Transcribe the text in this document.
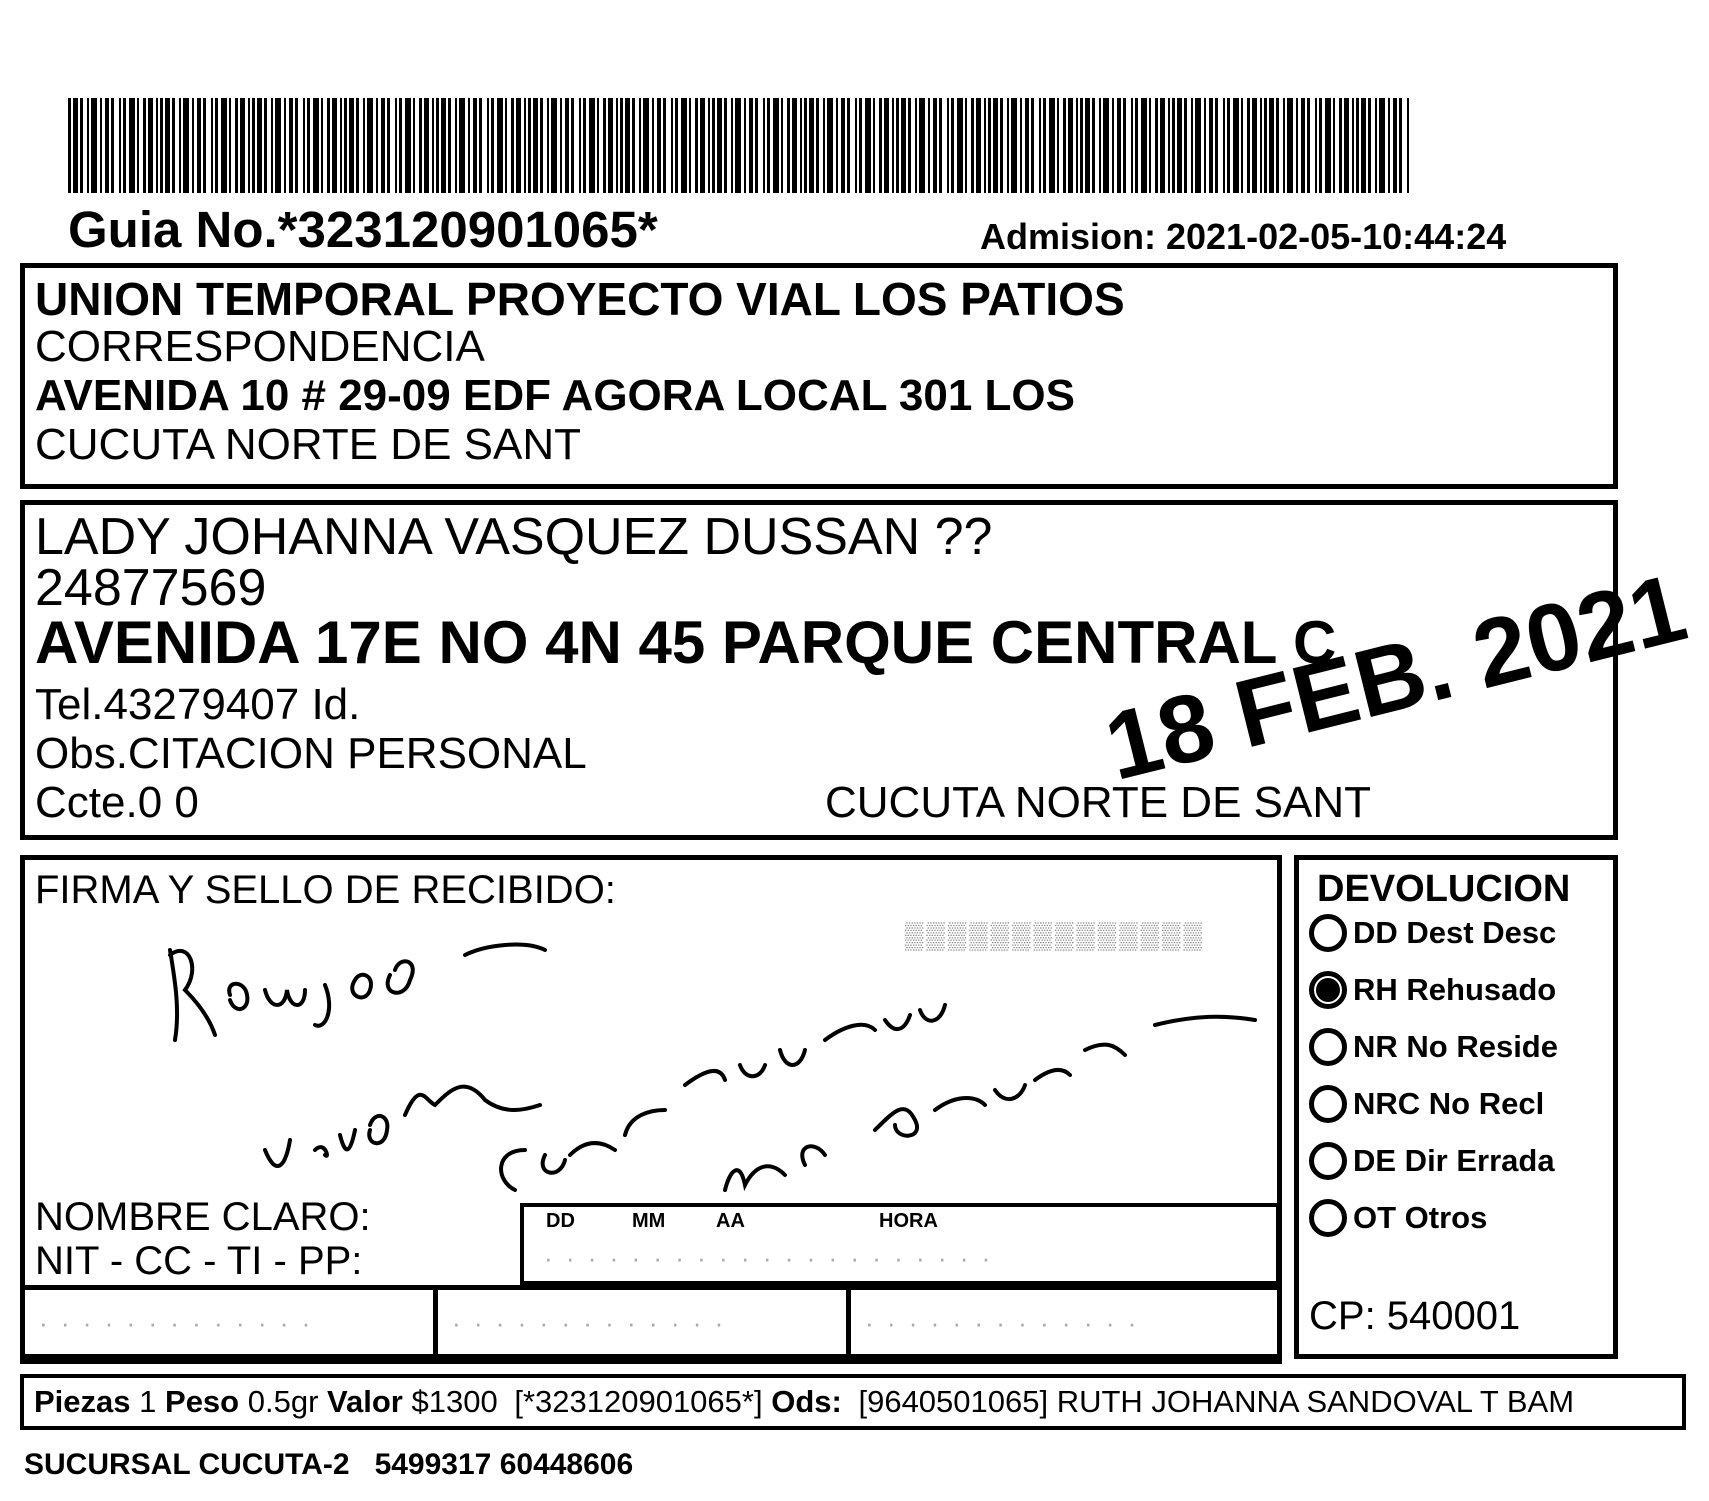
Guia No.*323120901065*	Admision: 2021-02-05-10:44:24
UNION TEMPORAL PROYECTO VIAL LOS PATIOS
CORRESPONDENCIA
AVENIDA 10 # 29-09 EDF AGORA LOCAL 301 LOS
CUCUTA NORTE DE SANT
LADY JOHANNA VASQUEZ DUSSAN ??
24877569
AVENIDA 17E NO 4N 45 PARQUE CENTRAL C
Tel.43279407 Id.
Obs.CITACION PERSONAL
Ccte.0 0	CUCUTA NORTE DE SANT
18 FEB. 2021
FIRMA Y SELLO DE RECIBIDO:
NOMBRE CLARO:
NIT - CC - TI - PP:
DD	MM	AA	HORA
· · · · · · · · · · · · · · · · · · · · ·
· · · · · · · · · · · · ·	· · · · · · · · · · · · ·	· · · · · · · · · · · · ·
▒▒▒▒▒▒▒▒▒▒▒▒▒▒
DEVOLUCION
DD Dest Desc
RH Rehusado
NR No Reside
NRC No Recl
DE Dir Errada
OT Otros
CP: 540001
Piezas 1 Peso 0.5gr Valor $1300 [*323120901065*] Ods: [9640501065] RUTH JOHANNA SANDOVAL T BAM
SUCURSAL CUCUTA-2   5499317 60448606
